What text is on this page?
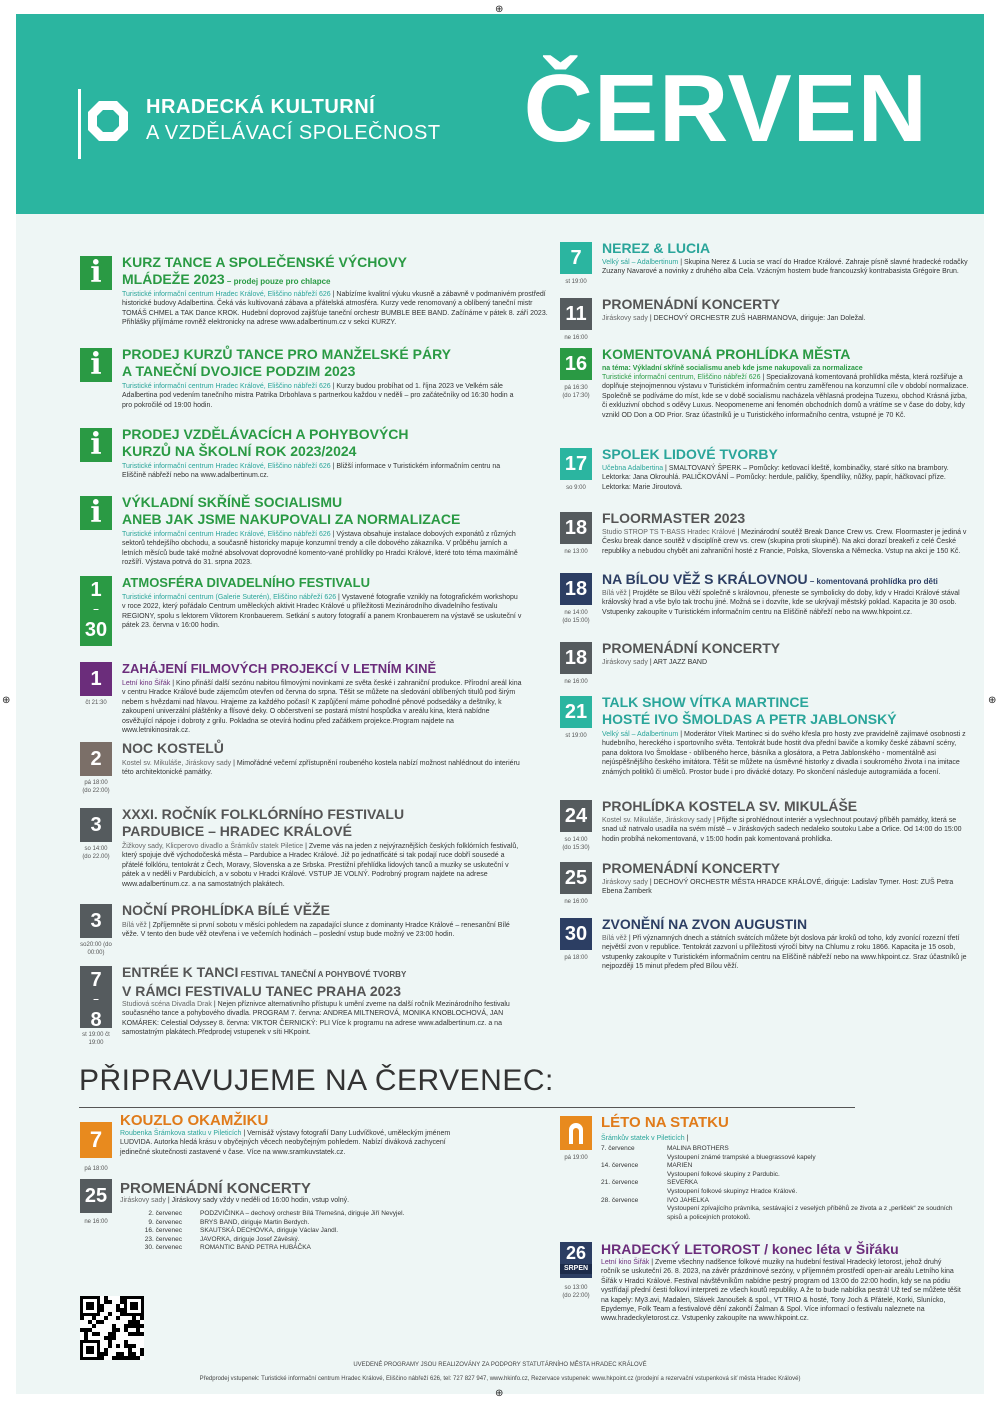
HRADECKÁ KULTURNÍ
A VZDĚLÁVACÍ SPOLEČNOST ČERVEN
i	KURZ TANCE A SPOLEČENSKÉ VÝCHOVY
MLÁDEŽE 2023 – prodej pouze pro chlapce
Turistické informační centrum Hradec Králové, Eliščino nábřeží 626 | Nabízíme kvalitní výuku vkusně a zábavně v podmanivém prostředí historické budovy Adalbertina. Čeká vás kultivovaná zábava a přátelská atmosféra. Kurzy vede renomovaný a oblíbený taneční mistr TOMÁŠ CHMEL a TAK Dance KROK. Hudební doprovod zajišťuje taneční orchestr BUMBLE BEE BAND. Začínáme v pátek 8. září 2023. Přihlášky přijímáme rovněž elektronicky na adrese www.adalbertinum.cz v sekci KURZY.
i	PRODEJ KURZŮ TANCE PRO MANŽELSKÉ PÁRY
A TANEČNÍ DVOJICE PODZIM 2023
Turistické informační centrum Hradec Králové, Eliščino nábřeží 626 | Kurzy budou probíhat od 1. října 2023 ve Velkém sále Adalbertina pod vedením tanečního mistra Patrika Drbohlava s partnerkou každou v neděli – pro začátečníky od 16:30 hodin a pro pokročilé od 19:00 hodin.
i	PRODEJ VZDĚLÁVACÍCH A POHYBOVÝCH
KURZŮ NA ŠKOLNÍ ROK 2023/2024
Turistické informační centrum Hradec Králové, Eliščino nábřeží 626 | Bližší informace v Turistickém informačním centru na Eliščině nábřeží nebo na www.adalbertinum.cz.
i	VÝKLADNÍ SKŘÍNĚ SOCIALISMU
ANEB JAK JSME NAKUPOVALI ZA NORMALIZACE
Turistické informační centrum Hradec Králové, Eliščino nábřeží 626 | Výstava obsahuje instalace dobových exponátů z různých sektorů tehdejšího obchodu, a současně historicky mapuje konzumní trendy a cíle dobového zákazníka. V průběhu jarních a letních měsíců bude také možné absolvovat doprovodné komento-vané prohlídky po Hradci Králové, které toto téma maximálně rozšíří. Výstava potrvá do 31. srpna 2023.
1
–
30
ATMOSFÉRA DIVADELNÍHO FESTIVALU
Turistické informační centrum (Galerie Suterén), Eliščino nábřeží 626 | Vystavené fotografie vznikly na fotografickém workshopu v roce 2022, který pořádalo Centrum uměleckých aktivit Hradec Králové u příležitosti Mezinárodního divadelního festivalu REGIONY, spolu s lektorem Viktorem Kronbauerem. Setkání s autory fotografií a panem Kronbauerem na výstavě se uskuteční v pátek 23. června v 16:00 hodin.
1
čt 21:30
ZAHÁJENÍ FILMOVÝCH PROJEKCÍ V LETNÍM KINĚ
Letní kino Šiřák | Kino přináší další sezónu nabitou filmovými novinkami ze světa české i zahraniční produkce. Přírodní areál kina v centru Hradce Králové bude zájemcům otevřen od června do srpna. Těšit se můžete na sledování oblíbených titulů pod širým nebem s hvězdami nad hlavou. Hrajeme za každého počasí! K zapůjčení máme pohodlné pěnové podsedáky a deštníky, k zakoupení univerzální pláštěnky a flísové deky. O občerstvení se postará místní hospůdka v areálu kina, která nabídne osvěžující nápoje i dobroty z grilu. Pokladna se otevírá hodinu před začátkem projekce.Program najdete na www.letnikinosirak.cz.
2
pá 18:00 (do 22:00)
NOC KOSTELŮ
Kostel sv. Mikuláše, Jiráskovy sady | Mimořádné večerní zpřístupnění roubeného kostela nabízí možnost nahlédnout do interiéru této architektonické památky.
3
so 14:00 (do 22.00)
XXXI. ROČNÍK FOLKLÓRNÍHO FESTIVALU
PARDUBICE – HRADEC KRÁLOVÉ
Žižkovy sady, Klicperovo divadlo a Šrámkův statek Piletice | Zveme vás na jeden z nejvýraznějších českých folklórních festivalů, který spojuje dvě východočeská města – Pardubice a Hradec Králové. Již po jednatřicáté si tak podají ruce dobří sousedé a přátelé folklóru, tentokrát z Čech, Moravy, Slovenska a ze Srbska. Prestižní přehlídka lidových tanců a muziky se uskuteční v pátek a v neděli v Pardubicích, a v sobotu v Hradci Králové. VSTUP JE VOLNÝ. Podrobný program najdete na adrese www.adalbertinum.cz. a na samostatných plakátech.
3
so20:00 (do 00:00)
NOČNÍ PROHLÍDKA BÍLÉ VĚŽE
Bílá věž | Zpříjemněte si první sobotu v měsíci pohledem na zapadající slunce z dominanty Hradce Králové – renesanční Bílé věže. V tento den bude věž otevřena i ve večerních hodinách – poslední vstup bude možný ve 23:00 hodin.
7
–
8
st 19:00 čt 19:00
ENTRÉE K TANCI FESTIVAL TANEČNÍ A POHYBOVÉ TVORBY
V RÁMCI FESTIVALU TANEC PRAHA 2023
Studiová scéna Divadla Drak | Nejen příznivce alternativního přístupu k umění zveme na další ročník Mezinárodního festivalu současného tance a pohybového divadla. PROGRAM 7. června: ANDREA MILTNEROVÁ, MONIKA KNOBLOCHOVÁ, JAN KOMÁREK: Celestial Odyssey 8. června: VIKTOR ČERNICKÝ: PLI Více k programu na adrese www.adalbertinum.cz. a na samostatným plakátech.Předprodej vstupenek v síti HKpoint.
7
st 19:00
NEREZ & LUCIA
Velký sál – Adalbertinum | Skupina Nerez & Lucia se vrací do Hradce Králové. Zahraje písně slavné hradecké rodačky Zuzany Navarové a novinky z druhého alba Cela. Vzácným hostem bude francouzský kontrabasista Grégoire Brun.
11
ne 16:00
PROMENÁDNÍ KONCERTY
Jiráskovy sady | DECHOVÝ ORCHESTR ZUŠ HABRMANOVA, diriguje: Jan Doležal.
16
pá 16:30 (do 17:30)
KOMENTOVANÁ PROHLÍDKA MĚSTA
na téma: Výkladní skříně socialismu aneb kde jsme nakupovali za normalizace
Turistické informační centrum, Eliščino nábřeží 626 | Specializovaná komentovaná prohlídka města, která rozšiřuje a doplňuje stejnojmennou výstavu v Turistickém informačním centru zaměřenou na konzumní cíle v období normalizace. Společně se podíváme do míst, kde se v době socialismu nacházela věhlasná prodejna Tuzexu, obchod Krásná jizba, či exkluzivní obchod s oděvy Luxus. Neopomeneme ani fenomén obchodních domů a vrátíme se v čase do doby, kdy vznikl OD Don a OD Prior. Sraz účastníků je u Turistického informačního centra, vstupné je 70 Kč.
17
so 9:00
SPOLEK LIDOVÉ TVORBY
Učebna Adalbertina | SMALTOVANÝ ŠPERK – Pomůcky: ketlovací kleště, kombinačky, staré sítko na brambory. Lektorka: Jana Okrouhlá. PALIČKOVÁNÍ – Pomůcky: herdule, paličky, špendlíky, nůžky, papír, háčkovací přízе. Lektorka: Marie Jiroutová.
18
ne 13:00
FLOORMASTER 2023
Studio STROP TS T-BASS Hradec Králové | Mezinárodní soutěž Break Dance Crew vs. Crew. Floormaster je jediná v Česku break dance soutěž v disciplíně crew vs. crew (skupina proti skupině). Na akci dorazí breakeři z celé České republiky a nebudou chybět ani zahraniční hosté z Francie, Polska, Slovenska a Německa. Vstup na akci je 150 Kč.
18
ne 14:00 (do 15:00)
NA BÍLOU VĚŽ S KRÁLOVNOU – komentovaná prohlídka pro děti
Bílá věž | Projděte se Bílou věží společně s královnou, přeneste se symbolicky do doby, kdy v Hradci Králové stával královský hrad a vše bylo tak trochu jiné. Možná se i dozvíte, kde se ukrývají městský poklad. Kapacita je 30 osob. Vstupenky zakoupíte v Turistickém informačním centru na Eliščině nábřeží nebo na www.hkpoint.cz.
18
ne 16:00
PROMENÁDNÍ KONCERTY
Jiráskovy sady | ART JAZZ BAND
21
st 19:00
TALK SHOW VÍTKA MARTINCE
HOSTÉ IVO ŠMOLDAS A PETR JABLONSKÝ
Velký sál – Adalbertinum | Moderátor Vítek Martinec si do svého křesla pro hosty zve pravidelně zajímavé osobnosti z hudebního, hereckého i sportovního světa. Tentokrát bude hostit dva přední baviče a komiky české zábavní scény, pana doktora Ivo Šmoldase - oblíbeného herce, básníka a glosátora, a Petra Jablonského - momentálně asi nejúspěšnějšího českého imitátora. Těšit se můžete na úsměvné historky z divadla i soukromého života i na imitace známých politiků či umělců. Prostor bude i pro divácké dotazy. Po skončení následuje autogramiáda a focení.
24
so 14:00 (do 15:30)
PROHLÍDKA KOSTELA SV. MIKULÁŠE
Kostel sv. Mikuláše, Jiráskovy sady | Přijďte si prohlédnout interiér a vyslechnout poutavý příběh památky, která se snad už natrvalo usadila na svém místě – v Jiráskových sadech nedaleko soutoku Labe a Orlice. Od 14:00 do 15:00 hodin probíhá nekomentovaná, v 15:00 hodin pak komentovaná prohlídka.
25
ne 16:00
PROMENÁDNÍ KONCERTY
Jiráskovy sady | DECHOVÝ ORCHESTR MĚSTA HRADCE KRÁLOVÉ, diriguje: Ladislav Tyrner. Host: ZUŠ Petra Ebena Žamberk
30
pá 18:00
ZVONĚNÍ NA ZVON AUGUSTIN
Bílá věž | Při významných dnech a státních svátcích můžete být doslova pár kroků od toho, kdy zvonící rozezní třetí největší zvon v republice. Tentokrát zazvoní u příležitosti výročí bitvy na Chlumu z roku 1866. Kapacita je 15 osob, vstupenky zakoupíte v Turistickém informačním centru na Eliščině nábřeží nebo na www.hkpoint.cz. Sraz účastníků je nejpozději 15 minut předem před Bílou věží.
PŘIPRAVUJEME NA ČERVENEC:
7
pá 18:00
KOUZLO OKAMŽIKU
Roubenka Šrámkova statku v Pileticích | Vernisáž výstavy fotografií Dany Ludvíčkové, uměleckým jménem LUDVIDA. Autorka hledá krásu v obyčejných věcech neobyčejným pohledem. Nabízí diváková zachycení jedinečné skutečnosti zastavené v čase. Více na www.sramkuvstatek.cz.
25
ne 16:00
PROMENÁDNÍ KONCERTY
Jiráskovy sady | Jiráskovy sady vždy v neděli od 16:00 hodin, vstup volný.
2. červenec	PODZVIČINKA – dechový orchestr Bílá Třemešná, diriguje Jiří Nevyjel.
9. červenec	BRYS BAND, diriguje Martin Berdych.
16. červenec	SKAUTSKÁ DECHOVKA, diriguje Václav Jandl.
23. červenec	JAVORKA, diriguje Josef Závěský.
30. červenec	ROMANTIC BAND PETRA HUBÁČKA
pá 19:00
LÉTO NA STATKU
Šrámkův statek v Pileticích |
7. července	MALINA BROTHERS
	Vystoupení známé trampské a bluegrassové kapely
14. července	MARIEN
	Vystoupení folkové skupiny z Pardubic.
21. července	SEVERKA
	Vystoupení folkové skupinyz Hradce Králové.
28. července	IVO JAHELKA
	Vystoupení zpívajícího právníka, sestávající z veselých příběhů ze života a z „perliček“ ze soudních spisů a policejních protokolů.
26
SRPEN
so 13:00 (do 22:00)
HRADECKÝ LETOROST / konec léta v Šiřáku
Letní kino Šiřák | Zveme všechny nadšence folkové muziky na hudební festival Hradecký letorost, jehož druhý ročník se uskuteční 26. 8. 2023, na závěr prázdninové sezóny, v příjemném prostředí open-air areálu Letního kina Šiřák v Hradci Králové. Festival návštěvníkům nabídne pestrý program od 13:00 do 22:00 hodin, kdy se na pódiu vystřídají přední česti folkoví interpreti ze všech koutů republiky. A že to bude nabídka pestrá! Už teď se můžete těšit na kapely: My3.avi, Madalen, Slávek Janoušek & spol., VT TRIO & hosté, Tony Joch & Přátelé, Korki, Slunícko, Epydemye, Folk Team a festivalové dění zakončí Žalman & Spol. Více informací o festivalu naleznete na www.hradeckyletorost.cz. Vstupenky zakoupíte na www.hkpoint.cz.
UVEDENÉ PROGRAMY JSOU REALIZOVÁNY ZA PODPORY STATUTÁRNÍHO MĚSTA HRADEC KRÁLOVÉ
Předprodej vstupenek: Turistické informační centrum Hradec Králové, Eliščino nábřeží 626, tel: 727 827 947, www.hkinfo.cz, Rezervace vstupenek: www.hkpoint.cz (prodejní a rezervační vstupenková síť města Hradec Králové)
⊕
⊕
⊕	⊕
